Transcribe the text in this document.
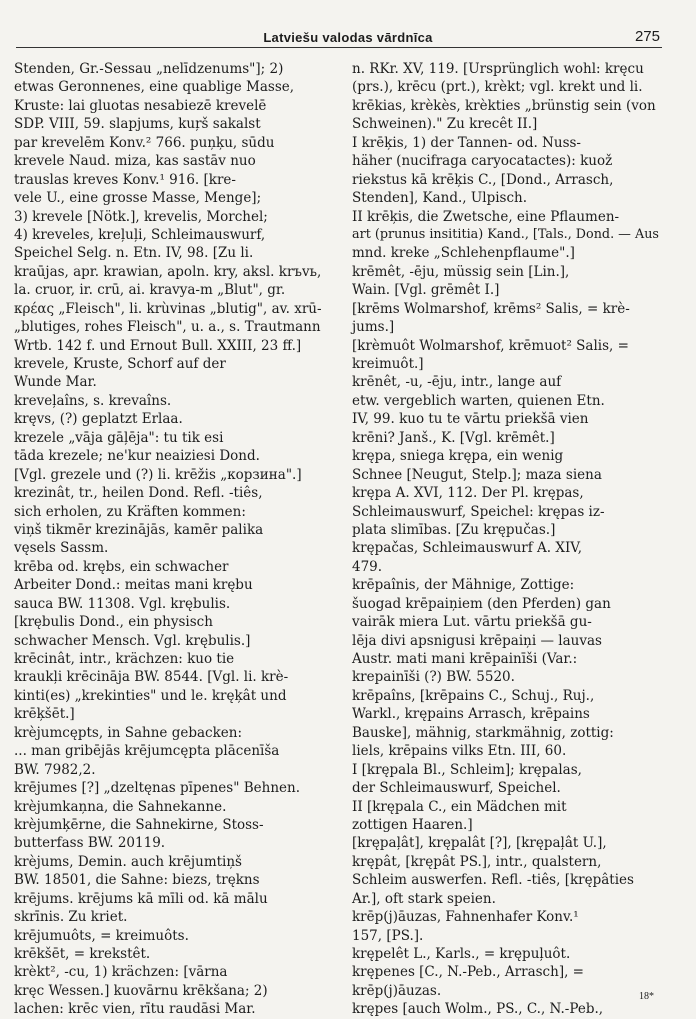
Latviešu valodas vārdnīca	275
Stenden, Gr.-Sessau „nelīdzenums"]; 2)
etwas Geronnenes, eine quablige Masse,
Kruste: lai gluotas nesabiezē krevelē
SDP. VIII, 59. slapjums, kuŗš sakalst
par krevelēm Konv.² 766. puņķu, sūdu
krevele Naud. miza, kas sastāv nuo
trauslas kreves Konv.¹ 916. [kre-
vele U., eine grosse Masse, Menge];
3) krevele [Nötk.], krevelis, Morchel;
4) kreveles, kreļuļi, Schleimauswurf,
Speichel Selg. n. Etn. IV, 98. [Zu li.
kraūjas, apr. krawian, apoln. kry, aksl. krъvь,
la. cruor, ir. crū, ai. kravya-m „Blut", gr.
κρέας „Fleisch", li. krùvinas „blutig", av. xrū-
„blutiges, rohes Fleisch", u. a., s. Trautmann
Wrtb. 142 f. und Ernout Bull. XXIII, 23 ff.]
krevele, Kruste, Schorf auf der
Wunde Mar.
kreveļaîns, s. krevaîns.
kręvs, (?) geplatzt Erlaa.
krezele „vāja gāļēja": tu tik esi
tāda krezele; ne'kur neaiziesi Dond.
[Vgl. grezele und (?) li. krēžis „корзина".]
krezinât, tr., heilen Dond. Refl. -tiês,
sich erholen, zu Kräften kommen:
viņš tikmēr krezinājās, kamēr palika
vęsels Sassm.
krēba od. krębs, ein schwacher
Arbeiter Dond.: meitas mani krębu
sauca BW. 11308. Vgl. krębulis.
[krębulis Dond., ein physisch
schwacher Mensch. Vgl. krębulis.]
krēcinât, intr., krächzen: kuo tie
kraukļi krēcināja BW. 8544. [Vgl. li. krè-
kinti(es) „krekinties" und le. kręķât und
krēķšēt.]
krèjumcępts, in Sahne gebacken:
... man gribējās krējumcępta plācenīša
BW. 7982,2.
krējumes [?] „dzeltęnas pīpenes" Behnen.
krèjumkaņna, die Sahnekanne.
krèjumķērne, die Sahnekirne, Stoss-
butterfass BW. 20119.
krèjums, Demin. auch krējumtiņš
BW. 18501, die Sahne: biezs, trękns
krējums. krējums kā mīli od. kā mālu
skrīnis. Zu kriet.
krējumuôts, = kreimuôts.
krēkšēt, = krekstêt.
krèkt², -cu, 1) krächzen: [vārna
kręc Wessen.] kuovārnu krēkšana; 2)
lachen: krēc vien, rītu raudāsi Mar.
n. RKr. XV, 119. [Ursprünglich wohl: kręcu
(prs.), krēcu (prt.), krèkt; vgl. krekt und li.
krēkias, krèkès, krèkties „brünstig sein (von
Schweinen)." Zu krecêt II.]
I krēķis, 1) der Tannen- od. Nuss-
häher (nucifraga caryocatactes): kuož
riekstus kā krēķis C., [Dond., Arrasch,
Stenden], Kand., Ulpisch.
II krēķis, die Zwetsche, eine Pflaumen-
art (prunus insititia) Kand., [Tals., Dond. — Aus
mnd. kreke „Schlehenpflaume".]
krēmêt, -ēju, müssig sein [Lin.],
Wain. [Vgl. grēmêt I.]
[krēms Wolmarshof, krēms² Salis, = krè-
jums.]
[krèmuôt Wolmarshof, krēmuot² Salis, =
kreimuôt.]
krēnêt, -u, -ēju, intr., lange auf
etw. vergeblich warten, quienen Etn.
IV, 99. kuo tu te vārtu priekšā vien
krēni? Janš., K. [Vgl. krēmêt.]
krępa, sniega krępa, ein wenig
Schnee [Neugut, Stelp.]; maza siena
krępa A. XVI, 112. Der Pl. krępas,
Schleimauswurf, Speichel: krępas iz-
plata slimības. [Zu krępučas.]
krępačas, Schleimauswurf A. XIV,
479.
krēpaînis, der Mähnige, Zottige:
šuogad krēpaiņiem (den Pferden) gan
vairāk miera Lut. vārtu priekšā gu-
lēja divi apsnigusi krēpaiņi — lauvas
Austr. mati mani krēpainīši (Var.:
krepainīši (?) BW. 5520.
krēpaîns, [krēpains C., Schuj., Ruj.,
Warkl., krępains Arrasch, krēpains
Bauske], mähnig, starkmähnig, zottig:
liels, krēpains vilks Etn. III, 60.
I [krępala Bl., Schleim]; krępalas,
der Schleimauswurf, Speichel.
II [krępala C., ein Mädchen mit
zottigen Haaren.]
[krępaļât], krępalât [?], [krępaļât U.],
krępât, [krępât PS.], intr., qualstern,
Schleim auswerfen. Refl. -tiês, [krępâties
Ar.], oft stark speien.
krēp(j)āuzas, Fahnenhafer Konv.¹
157, [PS.].
krępelêt L., Karls., = krępuļuôt.
krępenes [C., N.-Peb., Arrasch], =
krēp(j)āuzas.
krępes [auch Wolm., PS., C., N.-Peb.,
18*
